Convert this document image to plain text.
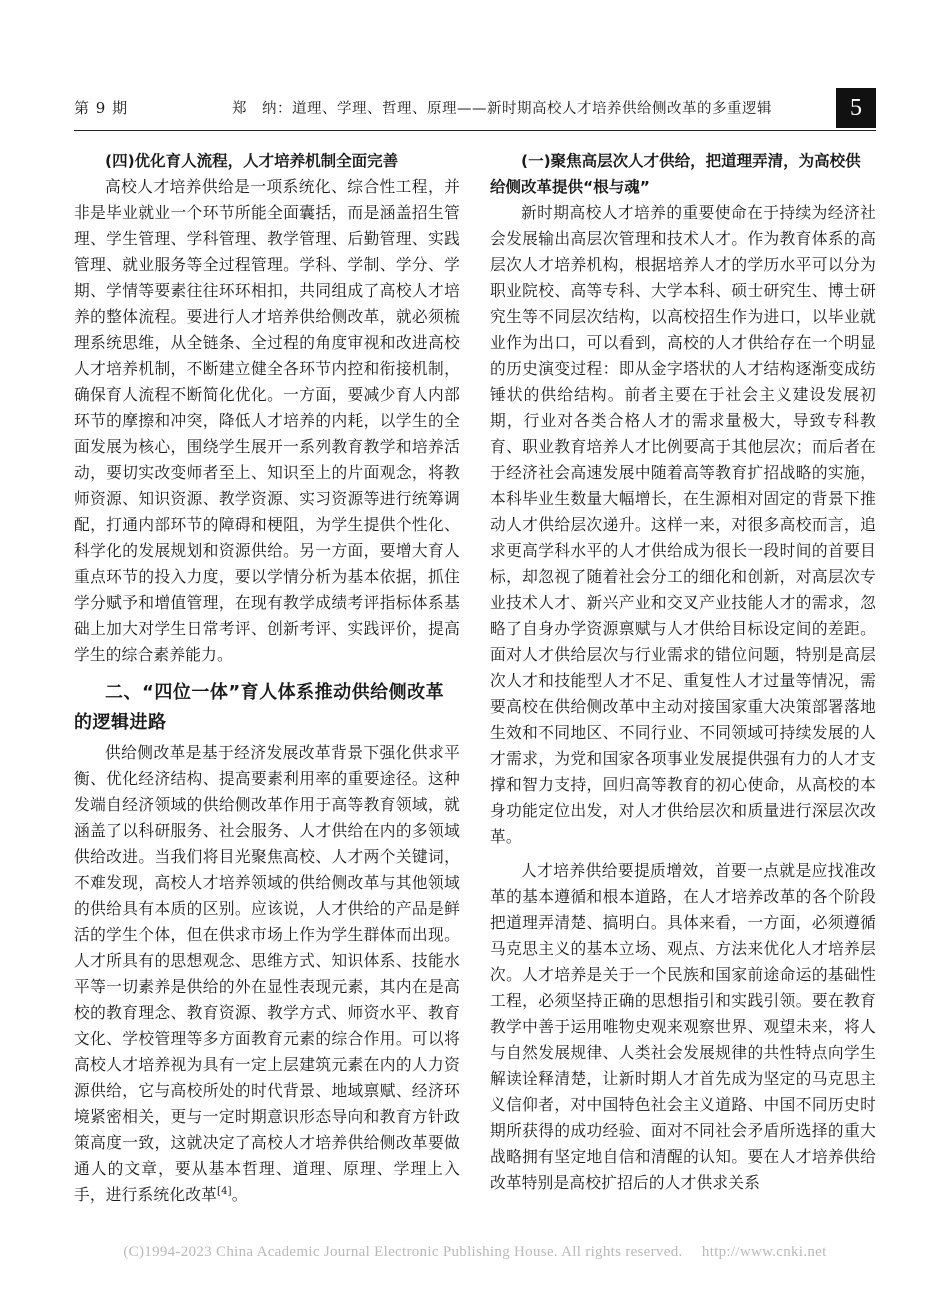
第 9 期	郑　纳：道理、学理、哲理、原理——新时期高校人才培养供给侧改革的多重逻辑	5

(四)优化育人流程，人才培养机制全面完善

高校人才培养供给是一项系统化、综合性工程，并非是毕业就业一个环节所能全面囊括，而是涵盖招生管理、学生管理、学科管理、教学管理、后勤管理、实践管理、就业服务等全过程管理。学科、学制、学分、学期、学情等要素往往环环相扣，共同组成了高校人才培养的整体流程。要进行人才培养供给侧改革，就必须梳理系统思维，从全链条、全过程的角度审视和改进高校人才培养机制，不断建立健全各环节内控和衔接机制，确保育人流程不断简化优化。一方面，要减少育人内部环节的摩擦和冲突，降低人才培养的内耗，以学生的全面发展为核心，围绕学生展开一系列教育教学和培养活动，要切实改变师者至上、知识至上的片面观念，将教师资源、知识资源、教学资源、实习资源等进行统筹调配，打通内部环节的障碍和梗阻，为学生提供个性化、科学化的发展规划和资源供给。另一方面，要增大育人重点环节的投入力度，要以学情分析为基本依据，抓住学分赋予和增值管理，在现有教学成绩考评指标体系基础上加大对学生日常考评、创新考评、实践评价，提高学生的综合素养能力。

二、“四位一体”育人体系推动供给侧改革的逻辑进路

供给侧改革是基于经济发展改革背景下强化供求平衡、优化经济结构、提高要素利用率的重要途径。这种发端自经济领域的供给侧改革作用于高等教育领域，就涵盖了以科研服务、社会服务、人才供给在内的多领域供给改进。当我们将目光聚焦高校、人才两个关键词，不难发现，高校人才培养领域的供给侧改革与其他领域的供给具有本质的区别。应该说，人才供给的产品是鲜活的学生个体，但在供求市场上作为学生群体而出现。人才所具有的思想观念、思维方式、知识体系、技能水平等一切素养是供给的外在显性表现元素，其内在是高校的教育理念、教育资源、教学方式、师资水平、教育文化、学校管理等多方面教育元素的综合作用。可以将高校人才培养视为具有一定上层建筑元素在内的人力资源供给，它与高校所处的时代背景、地域禀赋、经济环境紧密相关，更与一定时期意识形态导向和教育方针政策高度一致，这就决定了高校人才培养供给侧改革要做通人的文章，要从基本哲理、道理、原理、学理上入手，进行系统化改革[4]。

(一)聚焦高层次人才供给，把道理弄清，为高校供给侧改革提供“根与魂”

新时期高校人才培养的重要使命在于持续为经济社会发展输出高层次管理和技术人才。作为教育体系的高层次人才培养机构，根据培养人才的学历水平可以分为职业院校、高等专科、大学本科、硕士研究生、博士研究生等不同层次结构，以高校招生作为进口，以毕业就业作为出口，可以看到，高校的人才供给存在一个明显的历史演变过程：即从金字塔状的人才结构逐渐变成纺锤状的供给结构。前者主要在于社会主义建设发展初期，行业对各类合格人才的需求量极大，导致专科教育、职业教育培养人才比例要高于其他层次；而后者在于经济社会高速发展中随着高等教育扩招战略的实施，本科毕业生数量大幅增长，在生源相对固定的背景下推动人才供给层次递升。这样一来，对很多高校而言，追求更高学科水平的人才供给成为很长一段时间的首要目标，却忽视了随着社会分工的细化和创新，对高层次专业技术人才、新兴产业和交叉产业技能人才的需求，忽略了自身办学资源禀赋与人才供给目标设定间的差距。面对人才供给层次与行业需求的错位问题，特别是高层次人才和技能型人才不足、重复性人才过量等情况，需要高校在供给侧改革中主动对接国家重大决策部署落地生效和不同地区、不同行业、不同领域可持续发展的人才需求，为党和国家各项事业发展提供强有力的人才支撑和智力支持，回归高等教育的初心使命，从高校的本身功能定位出发，对人才供给层次和质量进行深层次改革。

人才培养供给要提质增效，首要一点就是应找准改革的基本遵循和根本道路，在人才培养改革的各个阶段把道理弄清楚、搞明白。具体来看，一方面，必须遵循马克思主义的基本立场、观点、方法来优化人才培养层次。人才培养是关于一个民族和国家前途命运的基础性工程，必须坚持正确的思想指引和实践引领。要在教育教学中善于运用唯物史观来观察世界、观望未来，将人与自然发展规律、人类社会发展规律的共性特点向学生解读诠释清楚，让新时期人才首先成为坚定的马克思主义信仰者，对中国特色社会主义道路、中国不同历史时期所获得的成功经验、面对不同社会矛盾所选择的重大战略拥有坚定地自信和清醒的认知。要在人才培养供给改革特别是高校扩招后的人才供求关系

(C)1994-2023 China Academic Journal Electronic Publishing House. All rights reserved.　 http://www.cnki.net
